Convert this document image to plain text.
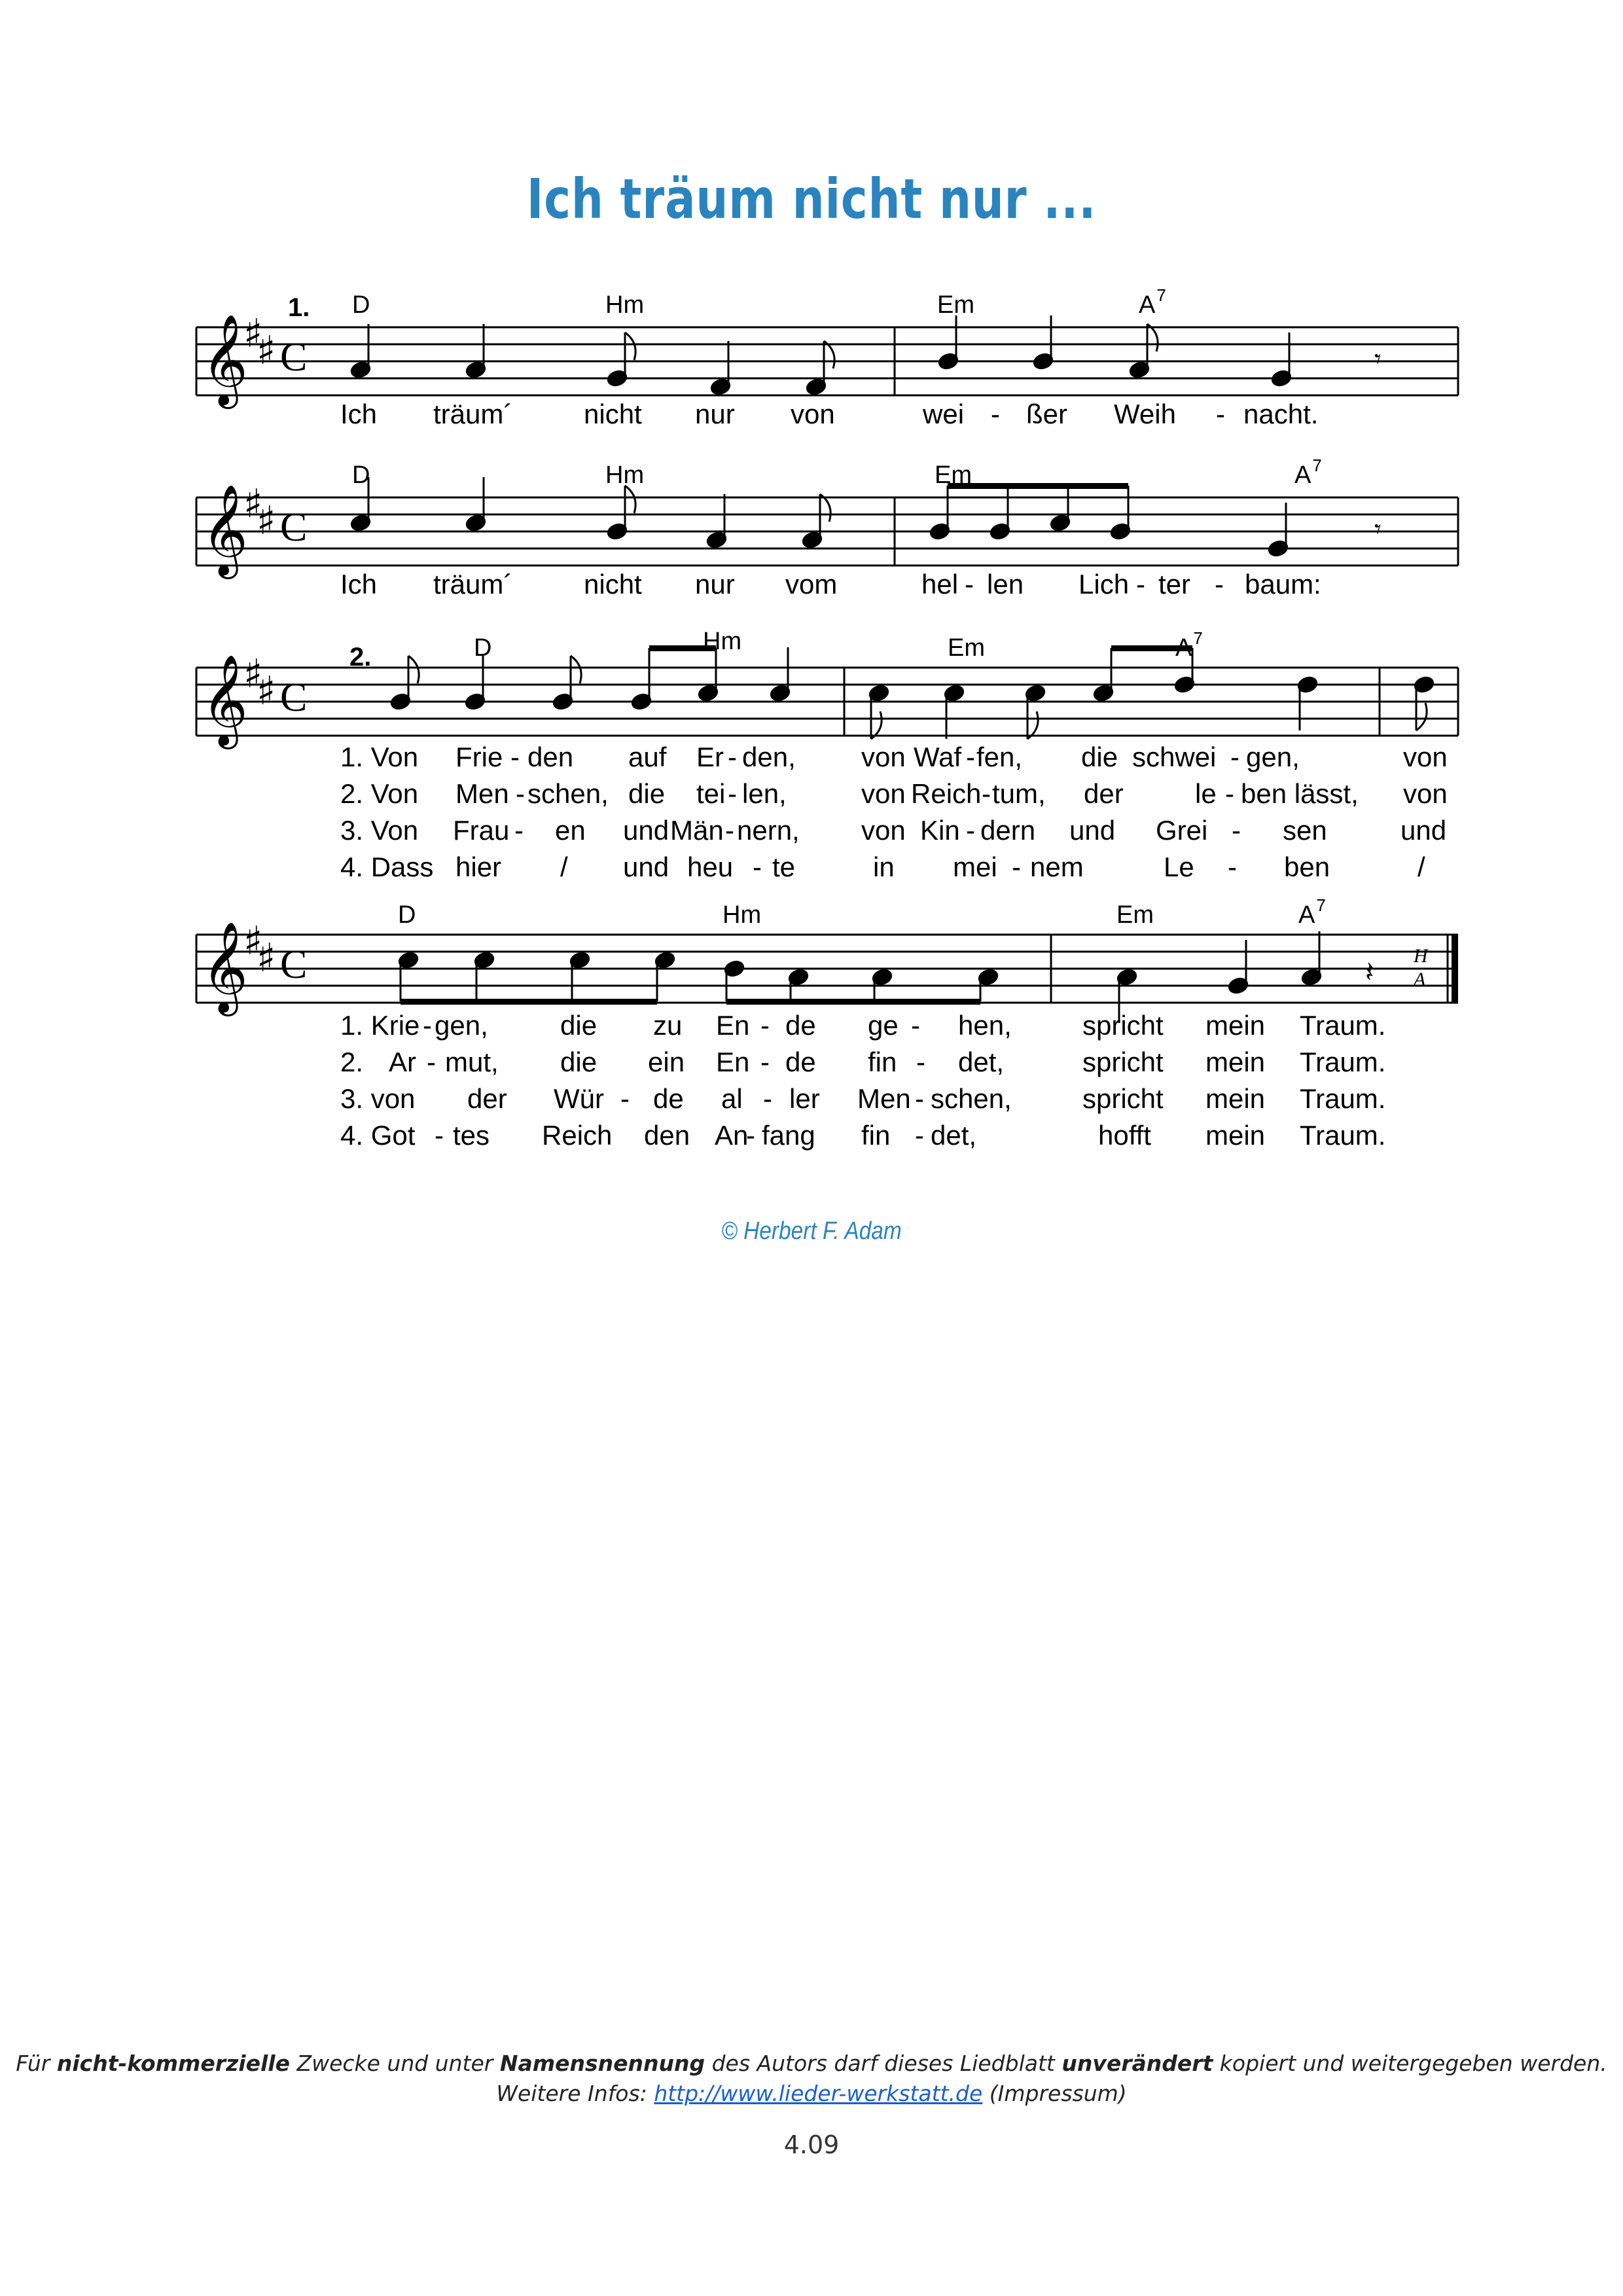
Ich träum nicht nur ...
𝄞
♯
♯ C	𝄾
1. D	Hm	Em	$A^7$
Ich träum´	nicht nur von	wei - ßer Weih - nacht.
𝄞
♯
♯ C	𝄾
D	Hm	Em	$A^7$
Ich träum´	nicht nur vom	hel - len Lich - ter - baum:
𝄞
♯
♯ C
2.	D	Hm	Em	$A^7$
1. Von Frie - den auf Er - den, von Waf - fen, die schwei - gen,	von
2. Von Men - schen, die tei - len,	von Reich - tum, der	le - ben lässt, von
3. Von Frau - en und Män - nern, von Kin - dern und Grei - sen	und
4. Dass hier / und heu - te	in mei - nem	Le - ben	/
𝄞
♯
♯ C	𝄽 H
A
D	Hm	Em	$A^7$
1. Krie - gen,	die zu En - de ge - hen,	spricht mein Traum.
2. Ar - mut, die ein En - de fin - det,	spricht mein Traum.
3. von der Wür - de al - ler Men - schen,	spricht mein Traum.
4. Got - tes Reich den An
- fang fin - det,	hofft mein Traum.
© Herbert F. Adam
Für nicht-kommerzielle Zwecke und unter Namensnennung des Autors darf dieses Liedblatt unverändert kopiert und weitergegeben werden.
Weitere Infos: http://www.lieder-werkstatt.de (Impressum)
4.09
